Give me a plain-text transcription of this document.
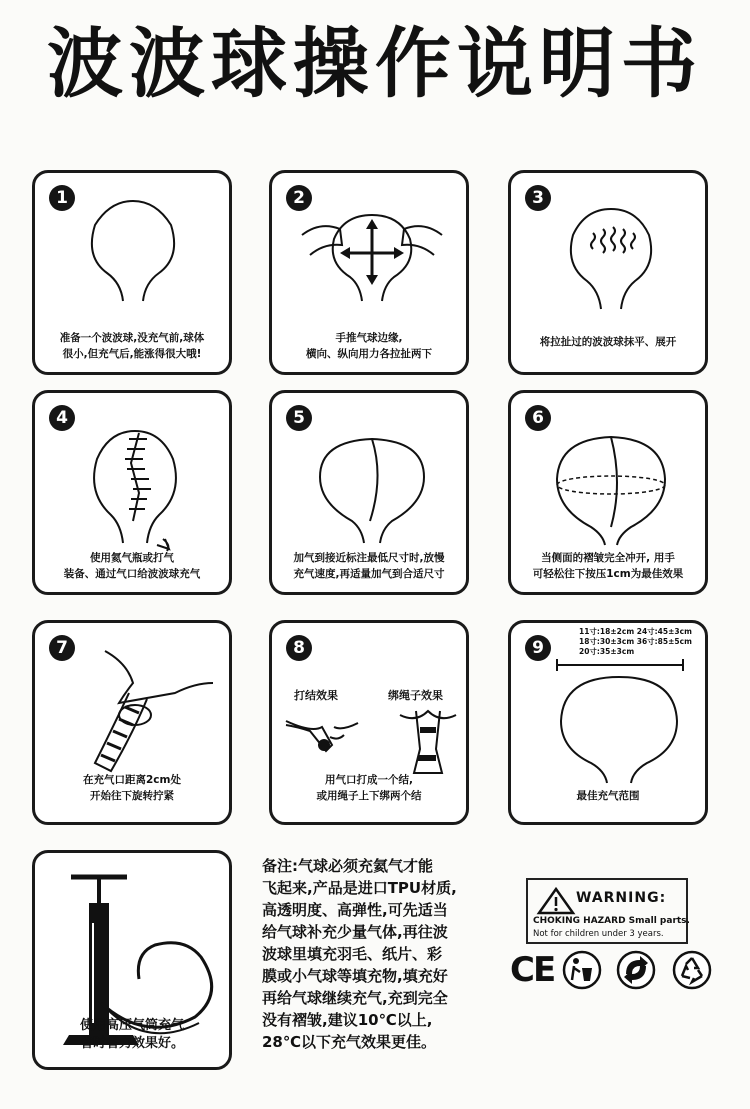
波波球操作说明书
1
准备一个波波球,没充气前,球体
很小,但充气后,能涨得很大哦!
2
手推气球边缘,
横向、纵向用力各拉扯两下
3
将拉扯过的波波球抹平、展开
4
使用氦气瓶或打气
装备、通过气口给波波球充气
5
加气到接近标注最低尺寸时,放慢
充气速度,再适量加气到合适尺寸
6
当侧面的褶皱完全冲开, 用手
可轻松往下按压1cm为最佳效果
7
在充气口距离2cm处
开始往下旋转拧紧
8
打结效果	绑绳子效果
用气口打成一个结,
或用绳子上下绑两个结
9
11寸:18±2cm 24寸:45±3cm
18寸:30±3cm 36寸:85±5cm
20寸:35±3cm
最佳充气范围
使用高压气筒充气
省时省力效果好。
备注:气球必须充氦气才能
飞起来,产品是进口TPU材质,
高透明度、高弹性,可先适当
给气球补充少量气体,再往波
波球里填充羽毛、纸片、彩
膜或小气球等填充物,填充好
再给气球继续充气,充到完全
没有褶皱,建议10℃以上,
28℃以下充气效果更佳。
WARNING:
CHOKING HAZARD Small parts.
Not for children under 3 years.
CE
